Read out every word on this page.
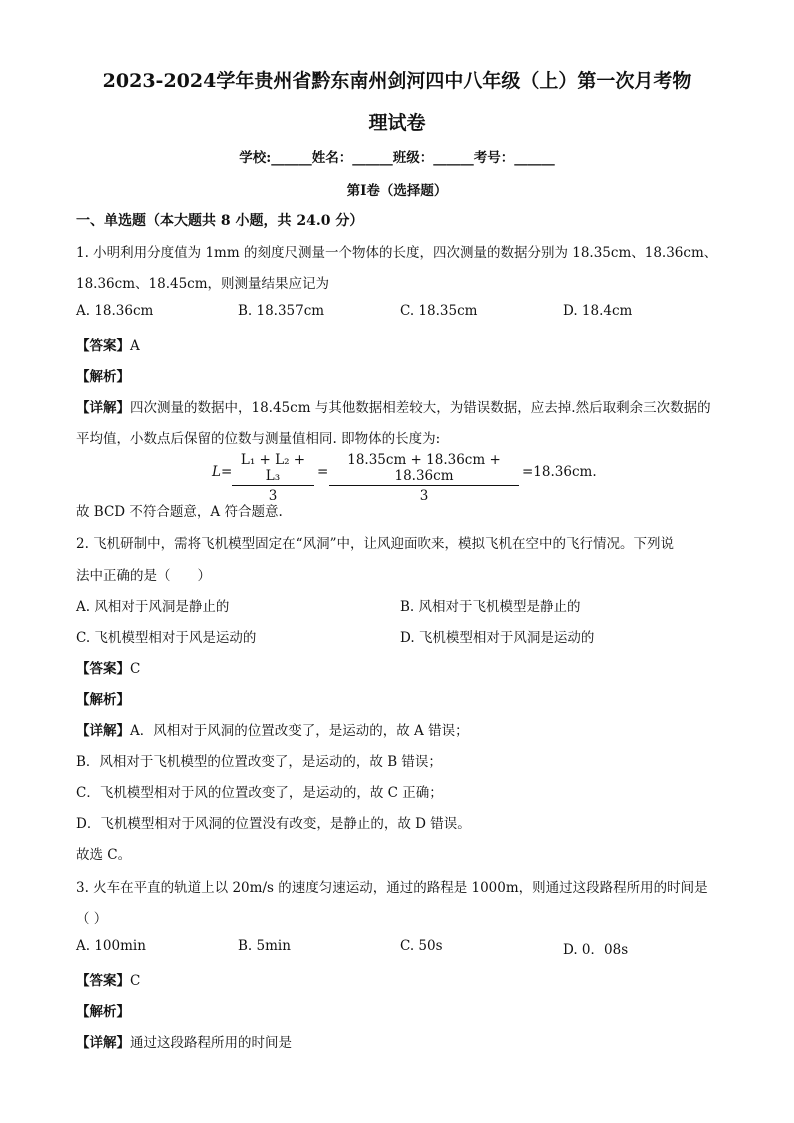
2023-2024学年贵州省黔东南州剑河四中八年级（上）第一次月考物
理试卷
学校:______姓名：______班级：______考号：______
第Ⅰ卷（选择题）
一、单选题（本大题共 8 小题，共 24.0 分）
1. 小明利用分度值为 1mm 的刻度尺测量一个物体的长度，四次测量的数据分别为 18.35cm、18.36cm、
18.36cm、18.45cm，则测量结果应记为
A. 18.36cm	B. 18.357cm	C. 18.35cm	D. 18.4cm
【答案】A
【解析】
【详解】四次测量的数据中，18.45cm 与其他数据相差较大，为错误数据，应去掉.然后取剩余三次数据的
平均值，小数点后保留的位数与测量值相同. 即物体的长度为:
$L= \frac{\text{L₁ + L₂ + L₃}}{3} = \frac{18.35cm + 18.36cm + 18.36cm}{3} =18.36cm$.
故 BCD 不符合题意，A 符合题意.
2. 飞机研制中，需将飞机模型固定在“风洞”中，让风迎面吹来，模拟飞机在空中的飞行情况。下列说
法中正确的是（　　）
A. 风相对于风洞是静止的	B. 风相对于飞机模型是静止的
C. 飞机模型相对于风是运动的	D. 飞机模型相对于风洞是运动的
【答案】C
【解析】
【详解】A．风相对于风洞的位置改变了，是运动的，故 A 错误；
B．风相对于飞机模型的位置改变了，是运动的，故 B 错误；
C．飞机模型相对于风的位置改变了，是运动的，故 C 正确；
D．飞机模型相对于风洞的位置没有改变，是静止的，故 D 错误。
故选 C。
3. 火车在平直的轨道上以 20m/s 的速度匀速运动，通过的路程是 1000m，则通过这段路程所用的时间是
（ ）
A. 100min	B. 5min	C. 50s	D. 0．08s
【答案】C
【解析】
【详解】通过这段路程所用的时间是
